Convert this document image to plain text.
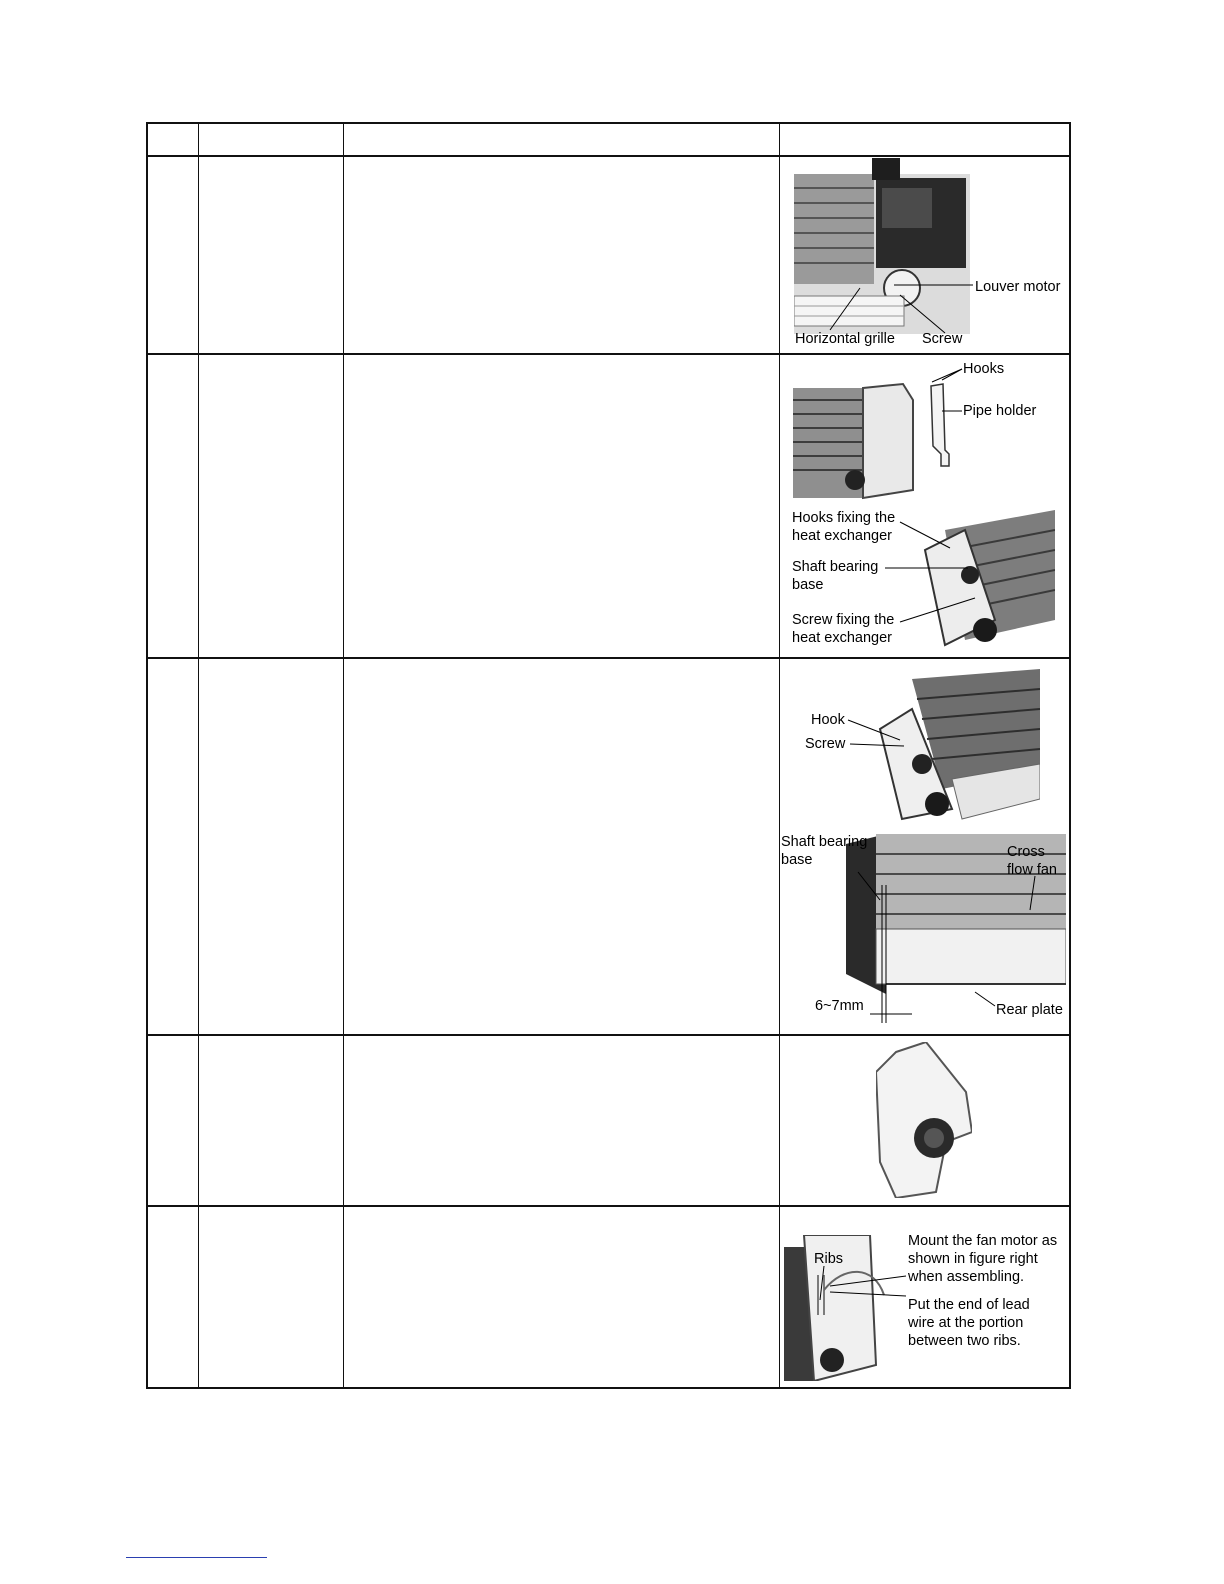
Louver motor
Horizontal grille Screw
Hooks
Pipe holder
Hooks fixing the heat exchanger
Shaft bearing base
Screw fixing the heat exchanger
Hook
Screw
Shaft bearing base	Cross flow fan
6~7mm	Rear plate
Ribs
Mount the fan motor as shown in figure right when assembling.
Put the end of lead wire at the portion between two ribs.
